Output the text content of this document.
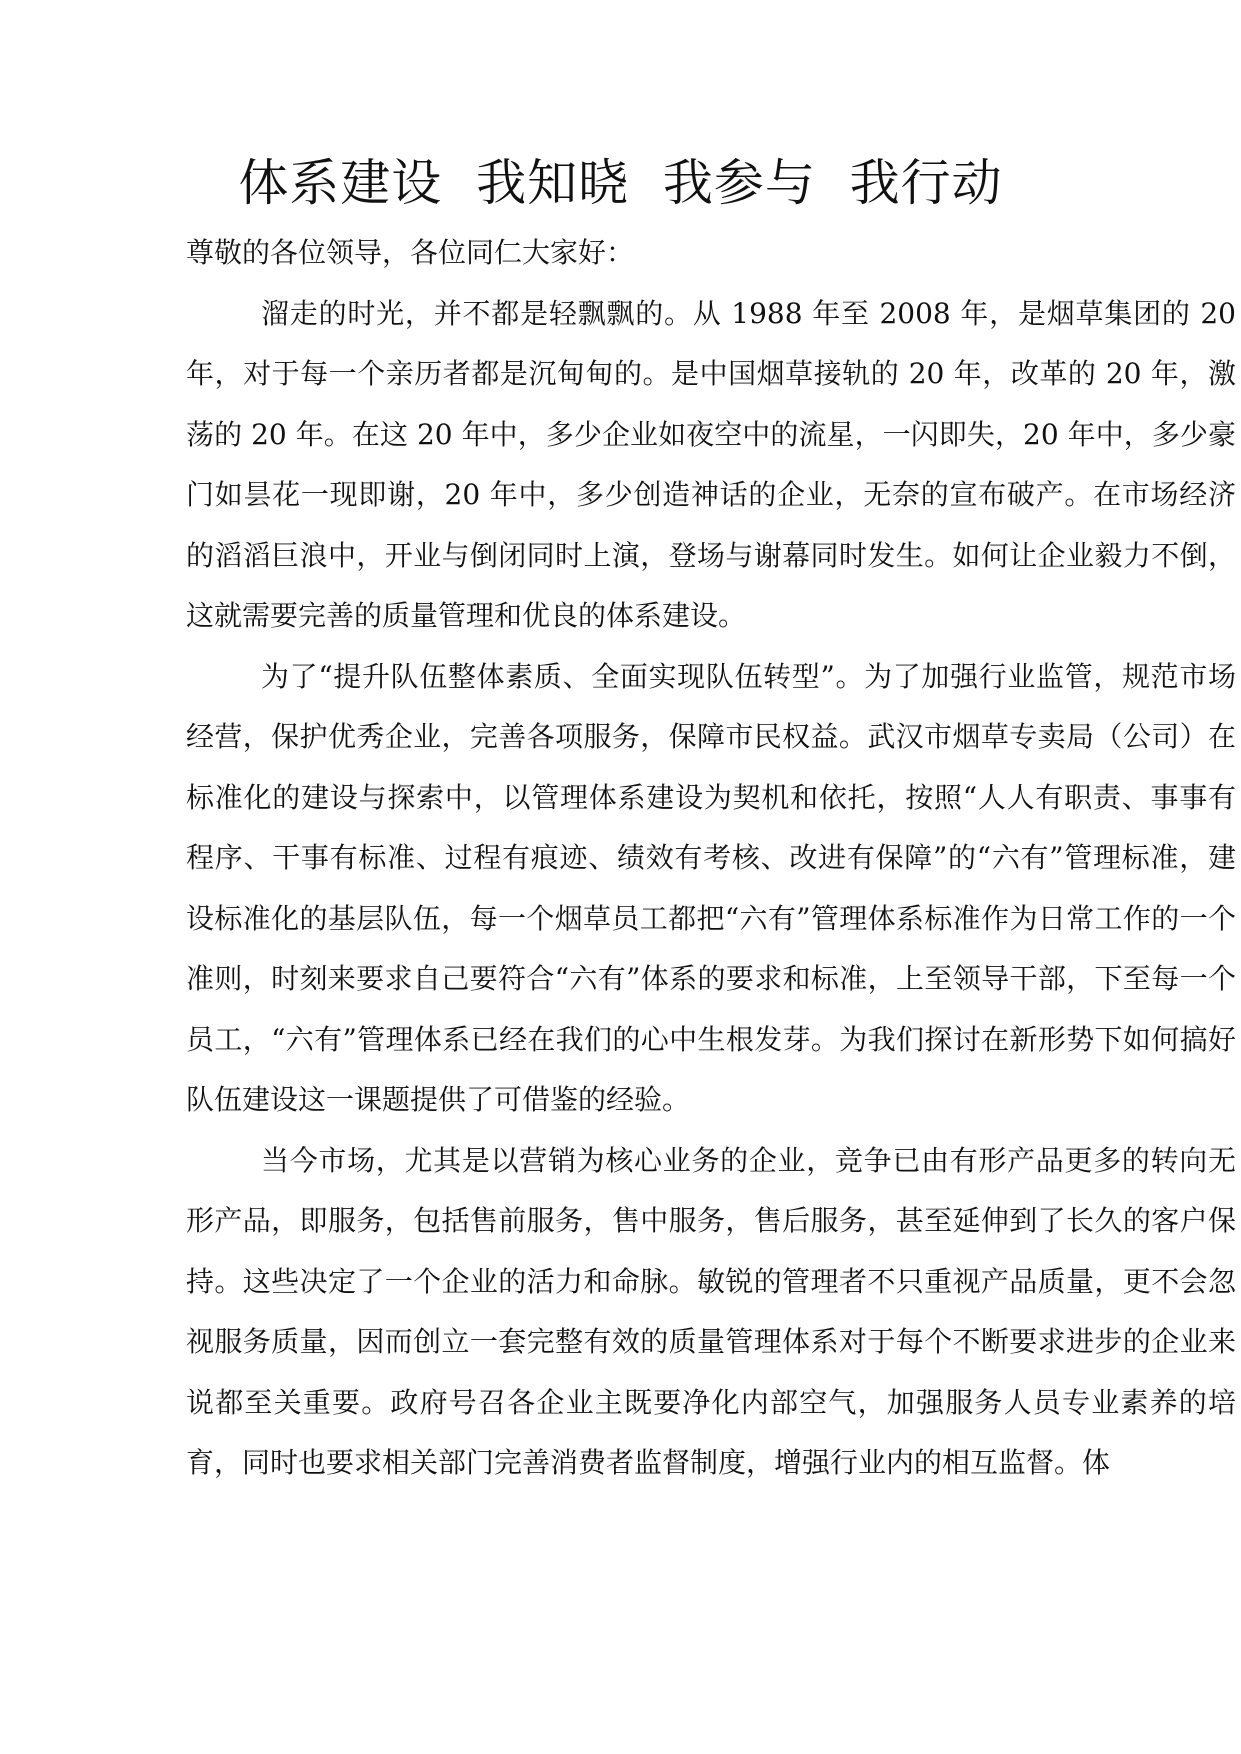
体系建设  我知晓  我参与  我行动

尊敬的各位领导，各位同仁大家好：

溜走的时光，并不都是轻飘飘的。从 1988 年至 2008 年，是烟草集团的 20 年，对于每一个亲历者都是沉甸甸的。是中国烟草接轨的 20 年，改革的 20 年，激荡的 20 年。在这 20 年中，多少企业如夜空中的流星，一闪即失，20 年中，多少豪门如昙花一现即谢，20 年中，多少创造神话的企业，无奈的宣布破产。在市场经济的滔滔巨浪中，开业与倒闭同时上演，登场与谢幕同时发生。如何让企业毅力不倒，这就需要完善的质量管理和优良的体系建设。

为了“提升队伍整体素质、全面实现队伍转型”。为了加强行业监管，规范市场经营，保护优秀企业，完善各项服务，保障市民权益。武汉市烟草专卖局（公司）在标准化的建设与探索中，以管理体系建设为契机和依托，按照“人人有职责、事事有程序、干事有标准、过程有痕迹、绩效有考核、改进有保障”的“六有”管理标准，建设标准化的基层队伍，每一个烟草员工都把“六有”管理体系标准作为日常工作的一个准则，时刻来要求自己要符合“六有”体系的要求和标准，上至领导干部，下至每一个员工，“六有”管理体系已经在我们的心中生根发芽。为我们探讨在新形势下如何搞好队伍建设这一课题提供了可借鉴的经验。

当今市场，尤其是以营销为核心业务的企业，竞争已由有形产品更多的转向无形产品，即服务，包括售前服务，售中服务，售后服务，甚至延伸到了长久的客户保持。这些决定了一个企业的活力和命脉。敏锐的管理者不只重视产品质量，更不会忽视服务质量，因而创立一套完整有效的质量管理体系对于每个不断要求进步的企业来说都至关重要。政府号召各企业主既要净化内部空气，加强服务人员专业素养的培育，同时也要求相关部门完善消费者监督制度，增强行业内的相互监督。体
